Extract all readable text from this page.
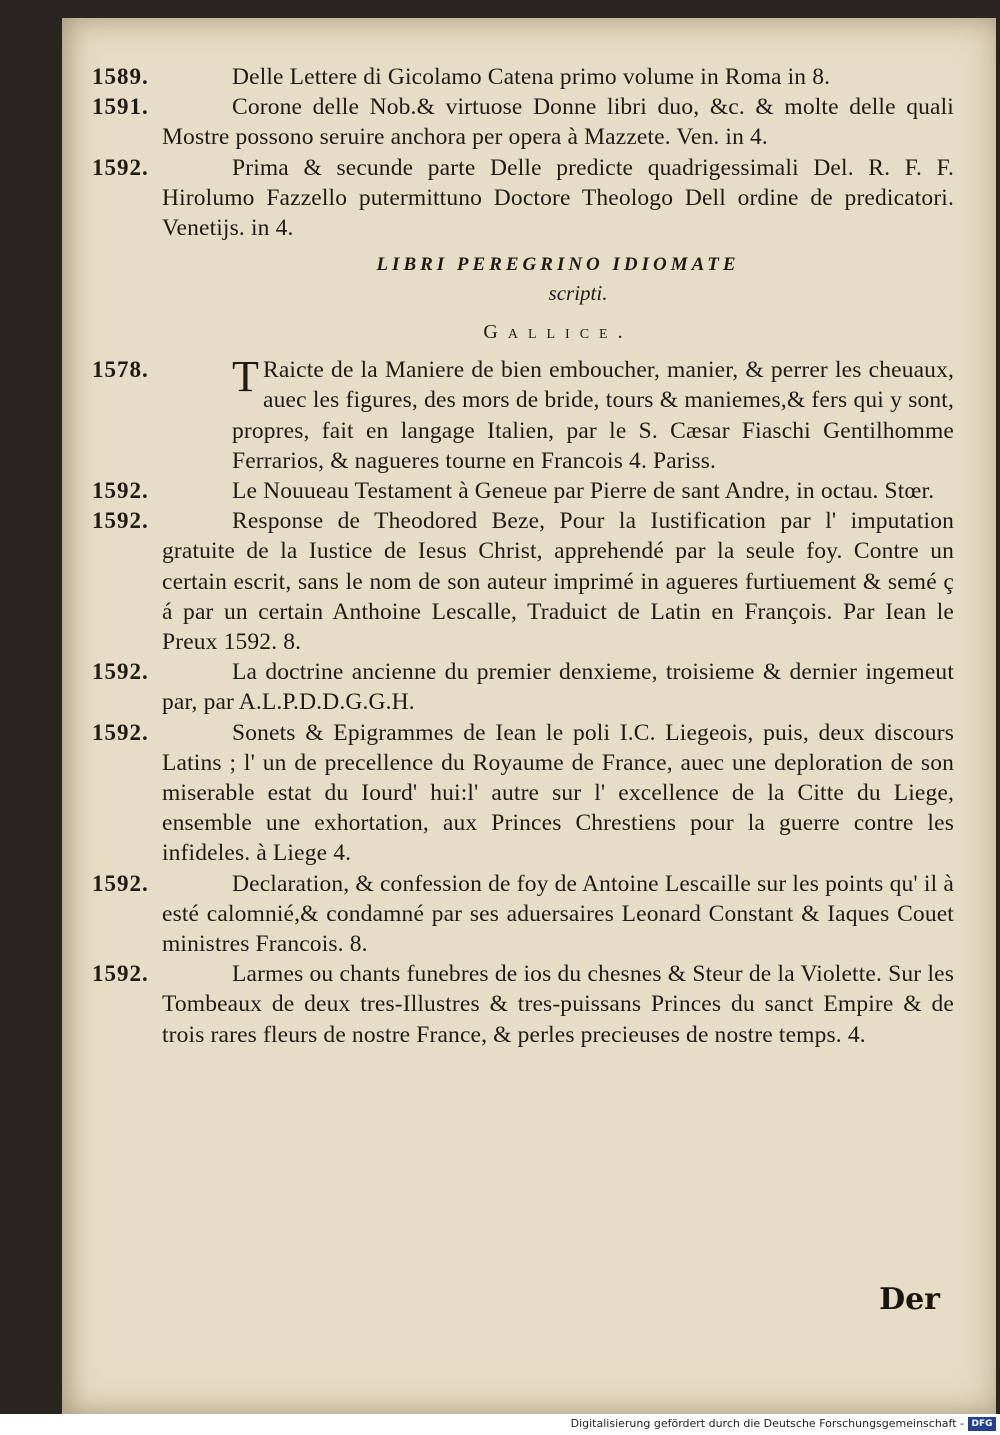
1589.	Delle Lettere di Gicolamo Catena primo volume in Roma in 8.
1591.	Corone delle Nob.& virtuose Donne libri duo, &c. & molte delle quali Mostre possono seruire anchora per opera à Mazzete. Ven. in 4.
1592.	Prima & secunde parte Delle predicte quadrigessimali Del. R. F. F. Hirolumo Fazzello putermittuno Doctore Theologo Dell ordine de predicatori. Venetijs. in 4.
LIBRI PEREGRINO IDIOMATE
scripti.
Gallice.
1578.	T Raicte de la Maniere de bien emboucher, manier, & perrer les cheuaux, auec les figures, des mors de bride, tours & maniemes,& fers qui y sont, propres, fait en langage Italien, par le S. Cæsar Fiaschi Gentilhomme Ferrarios, & nagueres tourne en Francois 4. Pariss.
1592.	Le Nouueau Testament à Geneue par Pierre de sant Andre, in octau. Stœr.
1592.	Response de Theodored Beze, Pour la Iustification par l' imputation gratuite de la Iustice de Iesus Christ, apprehendé par la seule foy. Contre un certain escrit, sans le nom de son auteur imprimé in agueres furtiuement & semé ç á par un certain Anthoine Lescalle, Traduict de Latin en François. Par Iean le Preux 1592. 8.
1592.	La doctrine ancienne du premier denxieme, troisieme & dernier ingemeut par, par A.L.P.D.D.G.G.H.
1592.	Sonets & Epigrammes de Iean le poli I.C. Liegeois, puis, deux discours Latins ; l' un de precellence du Royaume de France, auec une deploration de son miserable estat du Iourd' hui:l' autre sur l' excellence de la Citte du Liege, ensemble une exhortation, aux Princes Chrestiens pour la guerre contre les infideles. à Liege 4.
1592.	Declaration, & confession de foy de Antoine Lescaille sur les points qu' il à esté calomnié,& condamné par ses aduersaires Leonard Constant & Iaques Couet ministres Francois. 8.
1592.	Larmes ou chants funebres de ios du chesnes & Steur de la Violette. Sur les Tombeaux de deux tres-Illustres & tres-puissans Princes du sanct Empire & de trois rares fleurs de nostre France, & perles precieuses de nostre temps. 4.
Der
Digitalisierung gefördert durch die Deutsche Forschungsgemeinschaft - DFG
